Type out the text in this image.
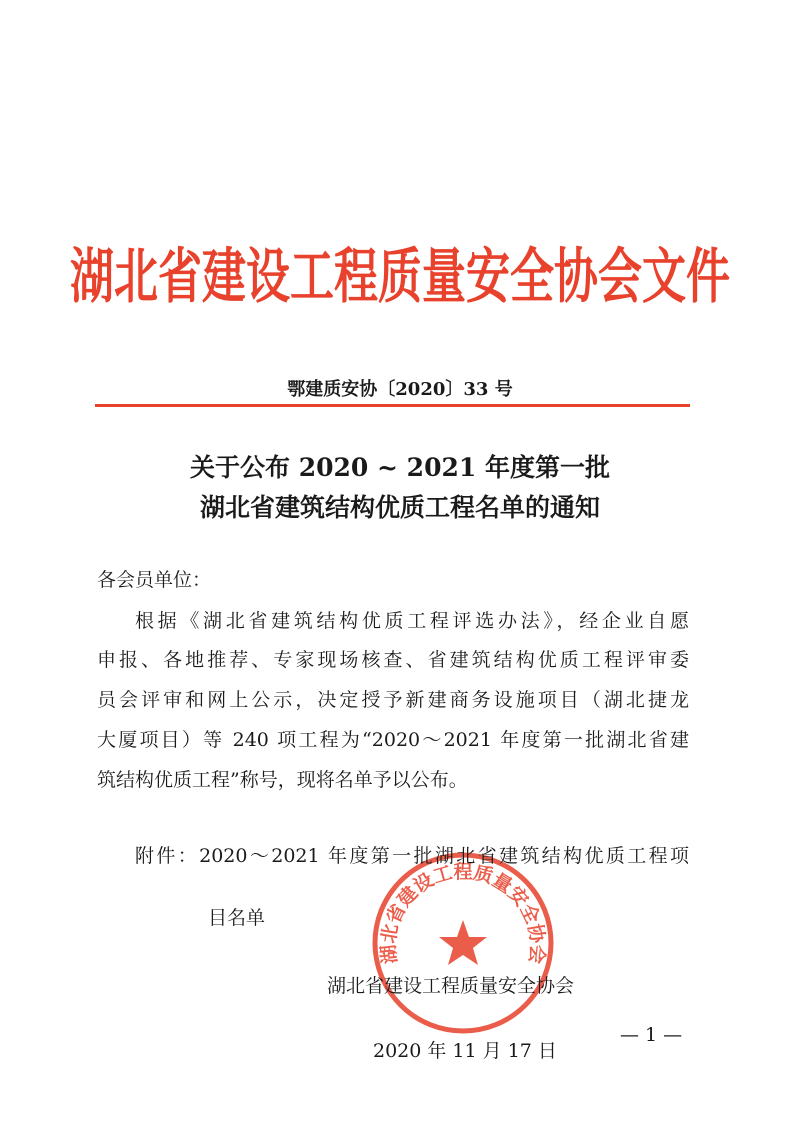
湖北省建设工程质量安全协会文件
鄂建质安协〔2020〕33 号
关于公布 2020 ~ 2021 年度第一批
湖北省建筑结构优质工程名单的通知
各会员单位：
根据《湖北省建筑结构优质工程评选办法》，经企业自愿
申报、各地推荐、专家现场核查、省建筑结构优质工程评审委
员会评审和网上公示，决定授予新建商务设施项目（湖北捷龙
大厦项目）等 240 项工程为“2020～2021 年度第一批湖北省建
筑结构优质工程”称号，现将名单予以公布。
附件：2020～2021 年度第一批湖北省建筑结构优质工程项
目名单
湖北省建设工程质量安全协会
湖北省建设工程质量安全协会
2020 年 11 月 17 日
— 1 —
